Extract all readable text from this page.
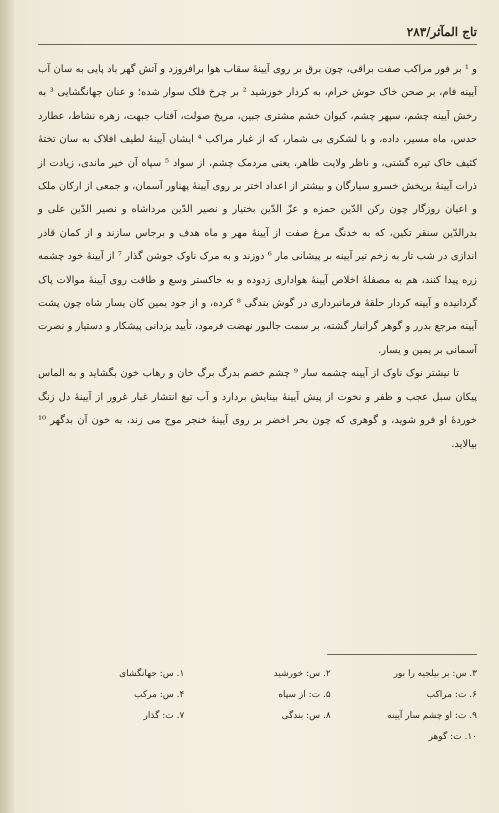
تاج المآثر/۲۸۳

و ¹ بر فور مراکب صفت براقی، چون برق بر روی آیینهٔ سقاب هوا برافروزد و آتش گهر باد پایی به سان آب آیینه فام، بر صحن خاک حوش خرام، به کردار خورشید ² بر چرخ فلک سوار شده؛ و عنان جهانگشایی ³ به رخش آیینه چشم، سپهر چشم، کیوان خشم مشتری جبین، مریخ صولت، آفتاب جبهت، زهره نشاط، عطارد حدس، ماه مسیر، داده، و با لشکری بی شمار، که از غبار مراکب ⁴ ایشان آیینهٔ لطیف افلاک به سان تختهٔ کثیف خاک تیره گشتی، و ناظر ولایت ظاهر، یعنی مردمک چشم، از سواد ⁵ سپاه آن خیر ماندی، زیادت از ذرات آیینهٔ بریخش خسرو سیارگان و بیشتر از اعداد اختر بر روی آیینهٔ پهناور آسمان، و جمعی از ارکان ملک و اعیان روزگار چون رکن الدّین حمزه و عزّ الدّین بختیار و نصیر الدّین مرداشاه و نصیر الدّین علی و بدرالدّین سنقر تکین، که به خدنگ مرغ صفت از آیینهٔ مهر و ماه هدف و برجاس سازند و از کمان قادر اندازی در شب تار به زخم تیر آیینه بر پیشانی مار ⁶ دوزند و به مرک ناوک جوشن گذار ⁷ از آیینهٔ خود چشمه زره پیدا کنند، هم به مصفلهٔ اخلاص آیینهٔ هواداری زدوده و به حاکستر وسع و طاقت روی آیینهٔ موالات پاک گردانیده و آیینه کردار حلقهٔ فرمانبرداری در گوش بندگی ⁸ کرده، و از جود یمین کان یسار شاه چون پشت آیینه مرجع بدرر و گوهر گرانبار گشته، بر سمت جالبور نهضت فرمود، تأیید یزدانی پیشکار و دستیار و نصرت آسمانی بر یمین و یسار.

تا نیشتر نوک ناوک از آیینه چشمه سار ⁹ چشم خصم بدرگ برگ خان و رهاب خون بگشاید و به الماس پیکان سبل عجب و ظفر و نخوت از پیش آیینهٔ بینایش بردارد و آب تیغ انتشار غبار غرور از آیینهٔ دل زنگ خوردهٔ او فرو شوید، و گوهری که چون بحر اخضر بر روی آیینهٔ خنجر موج می زند، به خون آن بدگهر ¹⁰ بیالاید.

۳. س: بر بیلجیه را بور
۲. س: خورشید
۱. س: جهانگشای
۶. ت: مراکب
۵. ت: از سپاه
۴. س: مرکب
۹. ت: او چشم سار آیینه
۸. س: بندگی
۷. ت: گذار
۱۰. ت: گوهر
